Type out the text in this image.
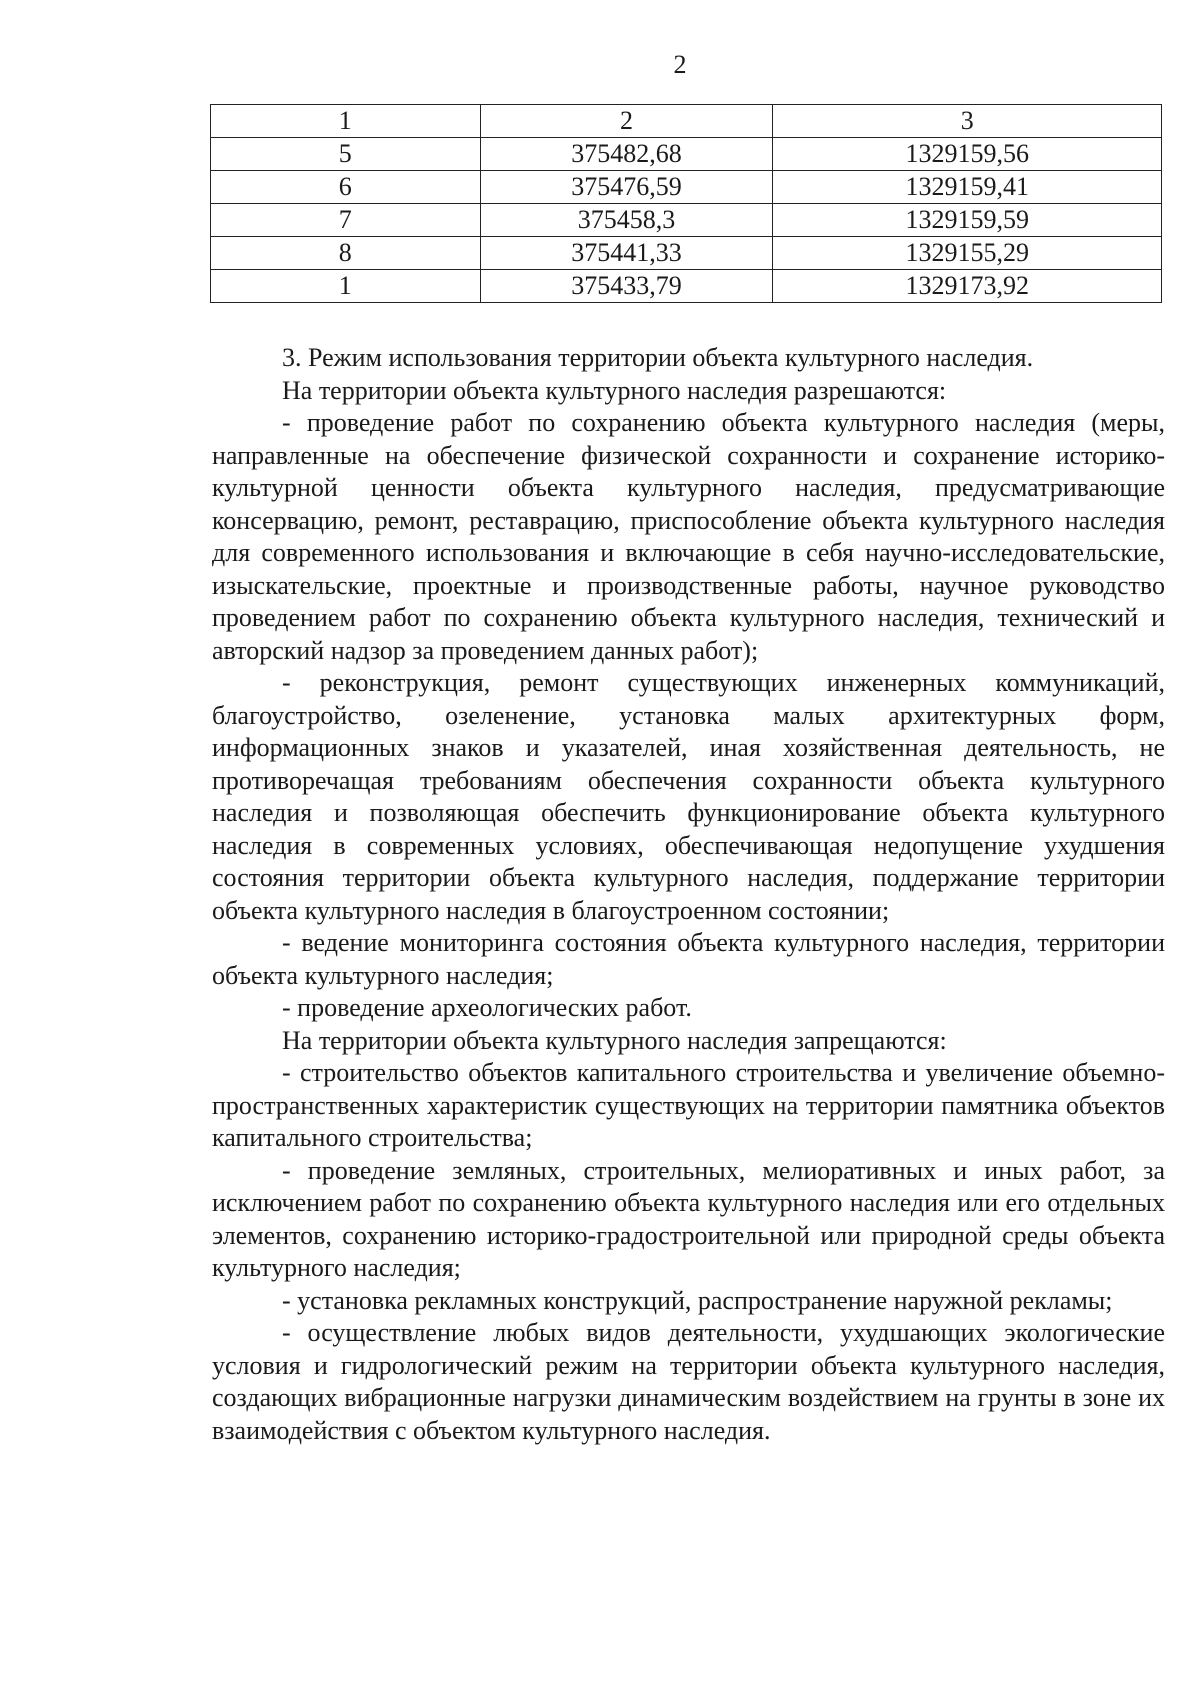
2
1	2	3
5	375482,68	1329159,56
6	375476,59	1329159,41
7	375458,3	1329159,59
8	375441,33	1329155,29
1	375433,79	1329173,92

3. Режим использования территории объекта культурного наследия.

На территории объекта культурного наследия разрешаются:

- проведение работ по сохранению объекта культурного наследия (меры, направленные на обеспечение физической сохранности и сохранение историко-культурной ценности объекта культурного наследия, предусматривающие консервацию, ремонт, реставрацию, приспособление объекта культурного наследия для современного использования и включающие в себя научно-исследовательские, изыскательские, проектные и производственные работы, научное руководство проведением работ по сохранению объекта культурного наследия, технический и авторский надзор за проведением данных работ);

- реконструкция, ремонт существующих инженерных коммуникаций, благоустройство, озеленение, установка малых архитектурных форм, информационных знаков и указателей, иная хозяйственная деятельность, не противоречащая требованиям обеспечения сохранности объекта культурного наследия и позволяющая обеспечить функционирование объекта культурного наследия в современных условиях, обеспечивающая недопущение ухудшения состояния территории объекта культурного наследия, поддержание территории объекта культурного наследия в благоустроенном состоянии;

- ведение мониторинга состояния объекта культурного наследия, территории объекта культурного наследия;

- проведение археологических работ.

На территории объекта культурного наследия запрещаются:

- строительство объектов капитального строительства и увеличение объемно-пространственных характеристик существующих на территории памятника объектов капитального строительства;

- проведение земляных, строительных, мелиоративных и иных работ, за исключением работ по сохранению объекта культурного наследия или его отдельных элементов, сохранению историко-градостроительной или природной среды объекта культурного наследия;

- установка рекламных конструкций, распространение наружной рекламы;

- осуществление любых видов деятельности, ухудшающих экологические условия и гидрологический режим на территории объекта культурного наследия, создающих вибрационные нагрузки динамическим воздействием на грунты в зоне их взаимодействия с объектом культурного наследия.
